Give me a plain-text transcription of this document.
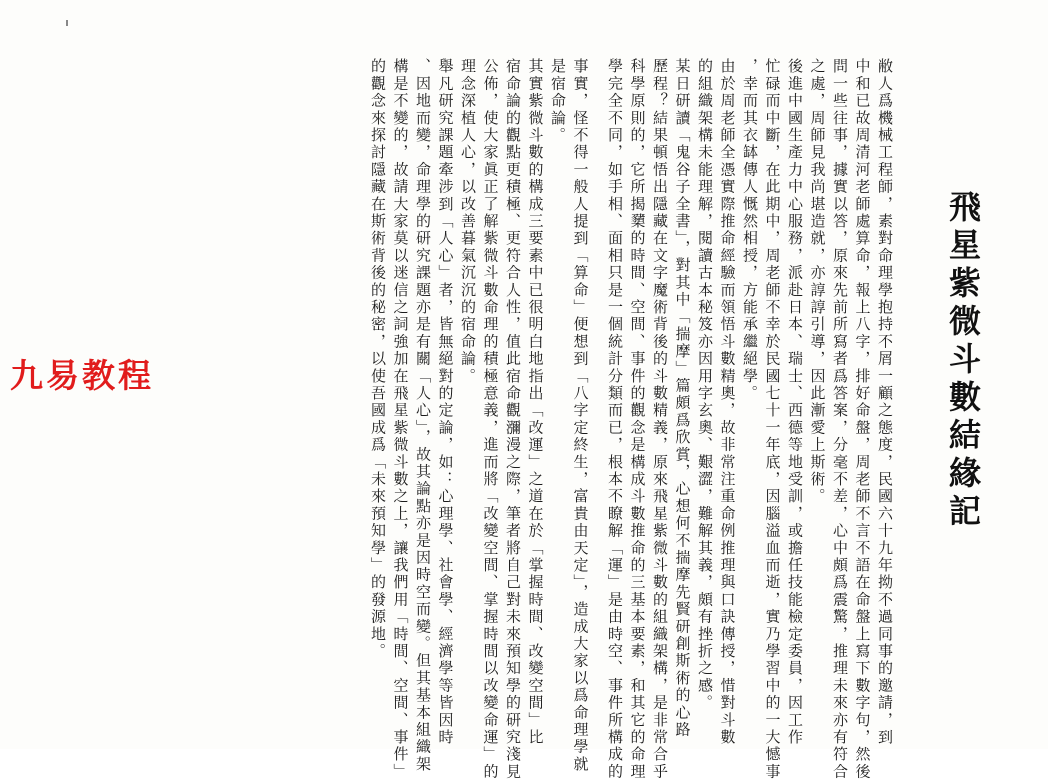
飛星紫微斗數結緣記

敝人爲機械工程師，素對命理學抱持不屑一顧之態度，民國六十九年拗不過同事的邀請，到

中和已故周清河老師處算命，報上八字，排好命盤，周老師不言不語在命盤上寫下數字句，然後

問一些往事，據實以答，原來先前所寫者爲答案，分毫不差，心中頗爲震驚，推理未來亦有符合

之處，周師見我尚堪造就，亦諄諄引導，因此漸愛上斯術。

後進中國生產力中心服務，派赴日本、瑞士、西德等地受訓，或擔任技能檢定委員，因工作

忙碌而中斷，在此期中，周老師不幸於民國七十一年底，因腦溢血而逝，實乃學習中的一大憾事

，幸而其衣缽傳人慨然相授，方能承繼絕學。

由於周老師全憑實際推命經驗而領悟斗數精奧，故非常注重命例推理與口訣傳授，惜對斗數

的組織架構未能理解，閱讀古本秘笈亦因用字玄奧、艱澀，難解其義，頗有挫折之感。

某日研讀「鬼谷子全書」，對其中「揣摩」篇頗爲欣賞，心想何不揣摩先賢研創斯術的心路

歷程？結果頓悟出隱藏在文字魔術背後的斗數精義，原來飛星紫微斗數的組織架構，是非常合乎

科學原則的，它所揭櫫的時間、空間、事件的觀念是構成斗數推命的三基本要素，和其它的命理

學完全不同，如手相、面相只是一個統計分類而已，根本不瞭解「運」是由時空、事件所構成的

事實，怪不得一般人提到「算命」便想到「八字定終生，富貴由天定」，造成大家以爲命理學就

是宿命論。

其實紫微斗數的構成三要素中已很明白地指出「改運」之道在於「掌握時間、改變空間」比

宿命論的觀點更積極、更符合人性，值此宿命觀瀰漫之際，筆者將自己對未來預知學的研究淺見

公佈，使大家眞正了解紫微斗數命理的積極意義，進而將「改變空間、掌握時間以改變命運」的

理念深植人心，以改善暮氣沉沉的宿命論。

舉凡研究課題牽涉到「人心」者，皆無絕對的定論，如：心理學、社會學、經濟學等皆因時

、因地而變，命理學的研究課題亦是有關「人心」，故其論點亦是因時空而變。但其基本組織架

構是不變的，故請大家莫以迷信之詞強加在飛星紫微斗數之上，讓我們用「時間、空間、事件」

的觀念來探討隱藏在斯術背後的秘密，以使吾國成爲「未來預知學」的發源地。

九易教程
